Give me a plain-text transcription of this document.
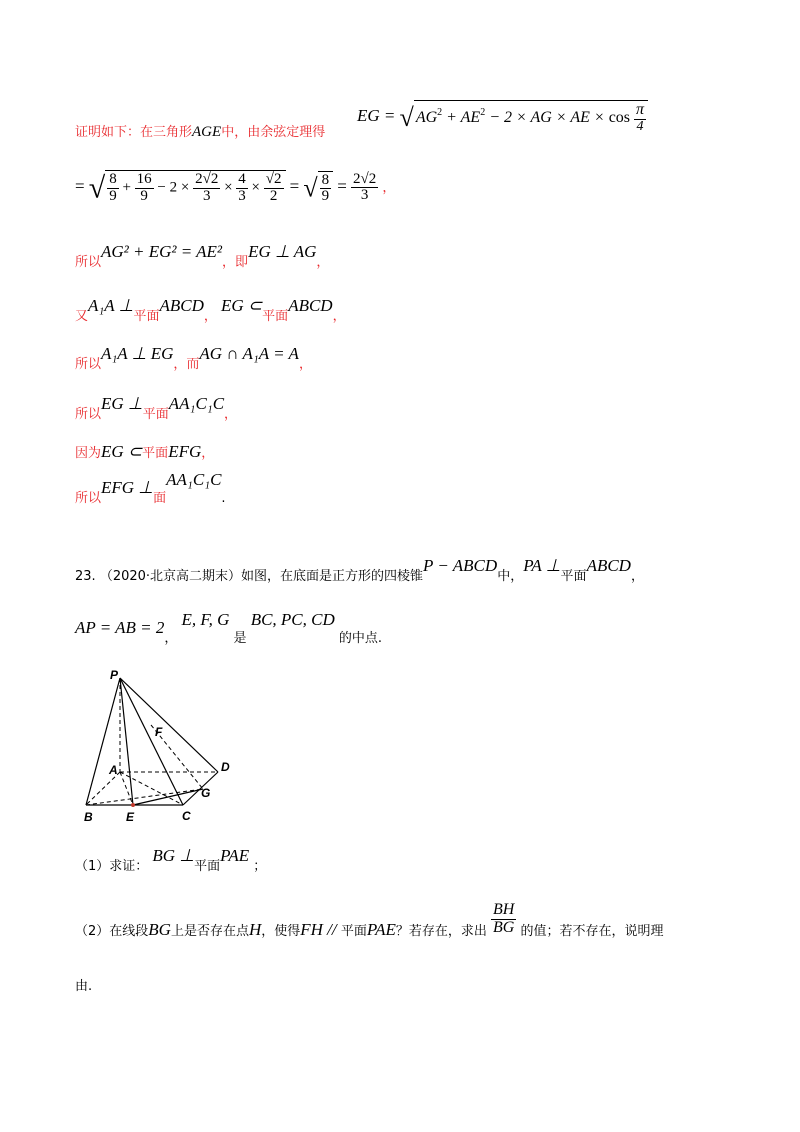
证明如下：在三角形AGE中，由余弦定理得
EG = √ $AG^2 + AE^2 - 2$ × AG × AE × $\cos \frac{\pi}{4}$
= √ $\frac{8}{9} + \frac{16}{9} - 2 \times \frac{2√2}{3} \times \frac{4}{3} \times \frac{√2}{2}$ = √ $\frac{8}{9} = \frac{2√2}{3}$ ，
所以AG² + EG² = AE²，即EG ⊥ AG，
又A₁A ⊥平面ABCD， EG ⊂平面ABCD，
所以A₁A ⊥ EG，而AG ∩ A₁A = A，
所以EG ⊥平面AA₁C₁C，
因为EG ⊂平面EFG，
所以EFG ⊥面AA₁C₁C.
23. （2020·北京高二期末）如图，在底面是正方形的四棱锥P − ABCD中，PA ⊥平面ABCD，
AP = AB = 2， E, F, G 是 BC, PC, CD 的中点.
P
F
D
A
G
B	E	C
（1）求证： BG ⊥平面PAE ；
（2）在线段BG上是否存在点H，使得FH // 平面PAE？若存在，求出 $\frac{BH}{BG}$ 的值；若不存在，说明理
由.
